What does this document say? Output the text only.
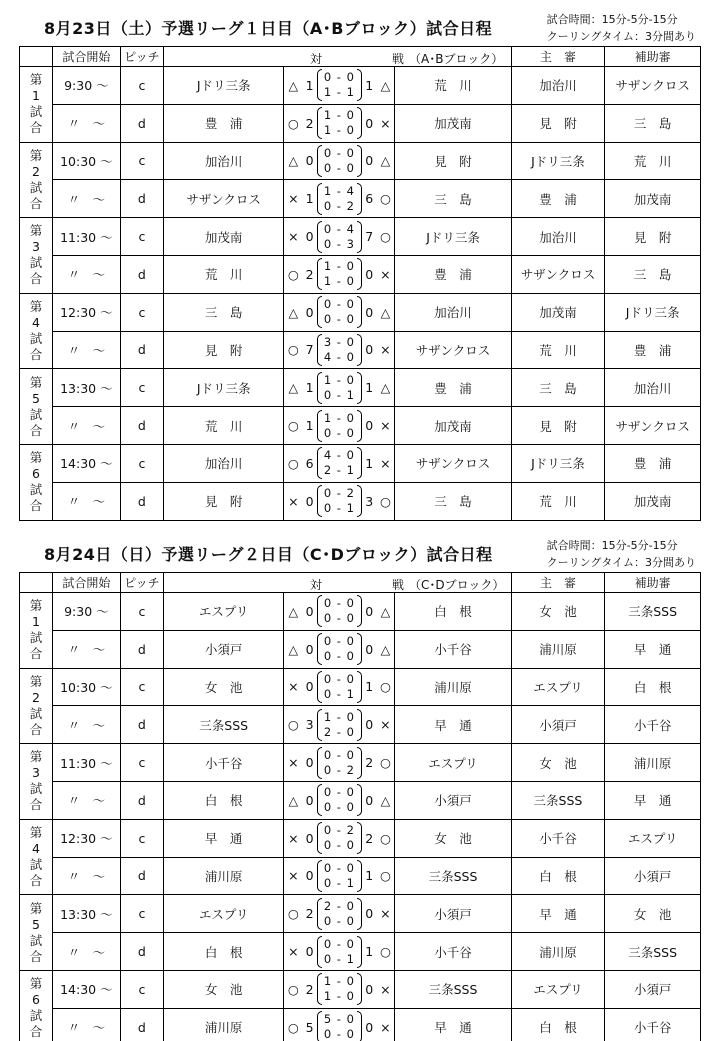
8月23日（土）予選リーグ１日目（A･Bブロック）試合日程	試合時間：15分-5分-15分
クーリングタイム：3分間あり
	試合開始	ピッチ	対 戦 （A･Bブロック）							主　審	補助審

第
1
試
合	9:30 ～	c	Jドリ三条	△	1	0 - 0
1 - 1	1	△	荒　川	加治川	サザンクロス
	〃　～	d	豊　浦	○	2	1 - 0
1 - 0	0	×	加茂南	見　附	三　島

第
2
試
合	10:30 ～	c	加治川	△	0	0 - 0
0 - 0	0	△	見　附	Jドリ三条	荒　川
	〃　～	d	サザンクロス	×	1	1 - 4
0 - 2	6	○	三　島	豊　浦	加茂南

第
3
試
合	11:30 ～	c	加茂南	×	0	0 - 4
0 - 3	7	○	Jドリ三条	加治川	見　附
	〃　～	d	荒　川	○	2	1 - 0
1 - 0	0	×	豊　浦	サザンクロス	三　島

第
4
試
合	12:30 ～	c	三　島	△	0	0 - 0
0 - 0	0	△	加治川	加茂南	Jドリ三条
	〃　～	d	見　附	○	7	3 - 0
4 - 0	0	×	サザンクロス	荒　川	豊　浦

第
5
試
合	13:30 ～	c	Jドリ三条	△	1	1 - 0
0 - 1	1	△	豊　浦	三　島	加治川
	〃　～	d	荒　川	○	1	1 - 0
0 - 0	0	×	加茂南	見　附	サザンクロス

第
6
試
合	14:30 ～	c	加治川	○	6	4 - 0
2 - 1	1	×	サザンクロス	Jドリ三条	豊　浦
	〃　～	d	見　附	×	0	0 - 2
0 - 1	3	○	三　島	荒　川	加茂南
8月24日（日）予選リーグ２日目（C･Dブロック）試合日程	試合時間：15分-5分-15分
クーリングタイム：3分間あり
	試合開始	ピッチ	対 戦 （C･Dブロック）							主　審	補助審

第
1
試
合	9:30 ～	c	エスプリ	△	0	0 - 0
0 - 0	0	△	白　根	女　池	三条SSS
	〃　～	d	小須戸	△	0	0 - 0
0 - 0	0	△	小千谷	浦川原	早　通

第
2
試
合	10:30 ～	c	女　池	×	0	0 - 0
0 - 1	1	○	浦川原	エスプリ	白　根
	〃　～	d	三条SSS	○	3	1 - 0
2 - 0	0	×	早　通	小須戸	小千谷

第
3
試
合	11:30 ～	c	小千谷	×	0	0 - 0
0 - 2	2	○	エスプリ	女　池	浦川原
	〃　～	d	白　根	△	0	0 - 0
0 - 0	0	△	小須戸	三条SSS	早　通

第
4
試
合	12:30 ～	c	早　通	×	0	0 - 2
0 - 0	2	○	女　池	小千谷	エスプリ
	〃　～	d	浦川原	×	0	0 - 0
0 - 1	1	○	三条SSS	白　根	小須戸

第
5
試
合	13:30 ～	c	エスプリ	○	2	2 - 0
0 - 0	0	×	小須戸	早　通	女　池
	〃　～	d	白　根	×	0	0 - 0
0 - 1	1	○	小千谷	浦川原	三条SSS

第
6
試
合	14:30 ～	c	女　池	○	2	1 - 0
1 - 0	0	×	三条SSS	エスプリ	小須戸
	〃　～	d	浦川原	○	5	5 - 0
0 - 0	0	×	早　通	白　根	小千谷
